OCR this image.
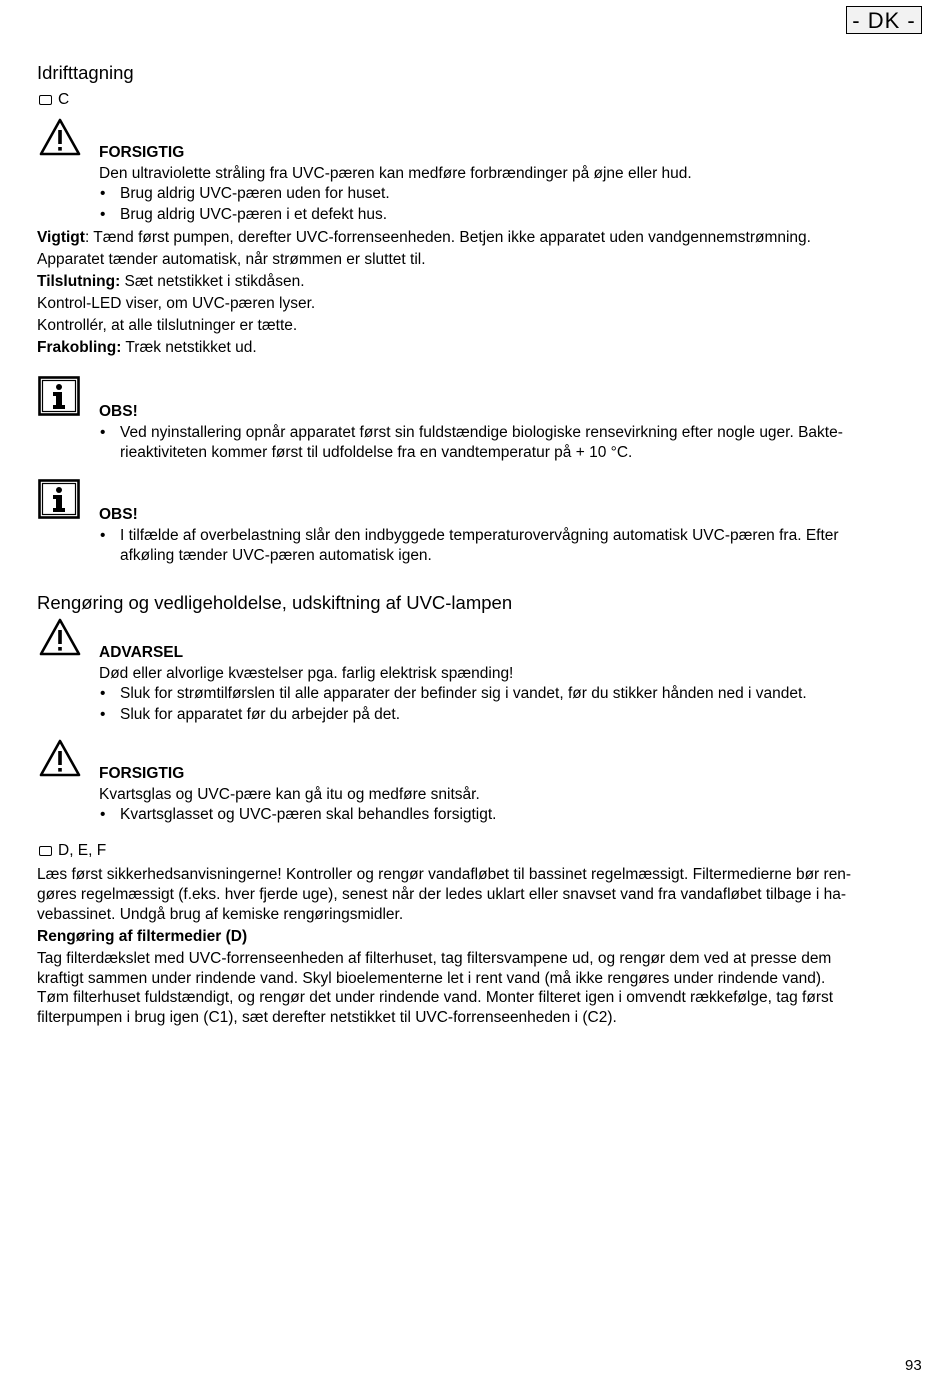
- DK -
Idrifttagning
C
FORSIGTIG
Den ultraviolette stråling fra UVC-pæren kan medføre forbrændinger på øjne eller hud.
• Brug aldrig UVC-pæren uden for huset.
• Brug aldrig UVC-pæren i et defekt hus.
Vigtigt: Tænd først pumpen, derefter UVC-forrenseenheden. Betjen ikke apparatet uden vandgennemstrømning.
Apparatet tænder automatisk, når strømmen er sluttet til.
Tilslutning: Sæt netstikket i stikdåsen.
Kontrol-LED viser, om UVC-pæren lyser.
Kontrollér, at alle tilslutninger er tætte.
Frakobling: Træk netstikket ud.
OBS!
• Ved nyinstallering opnår apparatet først sin fuldstændige biologiske rensevirkning efter nogle uger. Bakte-
rieaktiviteten kommer først til udfoldelse fra en vandtemperatur på + 10 °C.
OBS!
• I tilfælde af overbelastning slår den indbyggede temperaturovervågning automatisk UVC-pæren fra. Efter
afkøling tænder UVC-pæren automatisk igen.
Rengøring og vedligeholdelse, udskiftning af UVC-lampen
ADVARSEL
Død eller alvorlige kvæstelser pga. farlig elektrisk spænding!
• Sluk for strømtilførslen til alle apparater der befinder sig i vandet, før du stikker hånden ned i vandet.
• Sluk for apparatet før du arbejder på det.
FORSIGTIG
Kvartsglas og UVC-pære kan gå itu og medføre snitsår.
• Kvartsglasset og UVC-pæren skal behandles forsigtigt.
D, E, F
Læs først sikkerhedsanvisningerne! Kontroller og rengør vandafløbet til bassinet regelmæssigt. Filtermedierne bør ren-
gøres regelmæssigt (f.eks. hver fjerde uge), senest når der ledes uklart eller snavset vand fra vandafløbet tilbage i ha-
vebassinet. Undgå brug af kemiske rengøringsmidler.
Rengøring af filtermedier (D)
Tag filterdækslet med UVC-forrenseenheden af filterhuset, tag filtersvampene ud, og rengør dem ved at presse dem
kraftigt sammen under rindende vand. Skyl bioelementerne let i rent vand (må ikke rengøres under rindende vand).
Tøm filterhuset fuldstændigt, og rengør det under rindende vand. Monter filteret igen i omvendt rækkefølge, tag først
filterpumpen i brug igen (C1), sæt derefter netstikket til UVC-forrenseenheden i (C2).
93
